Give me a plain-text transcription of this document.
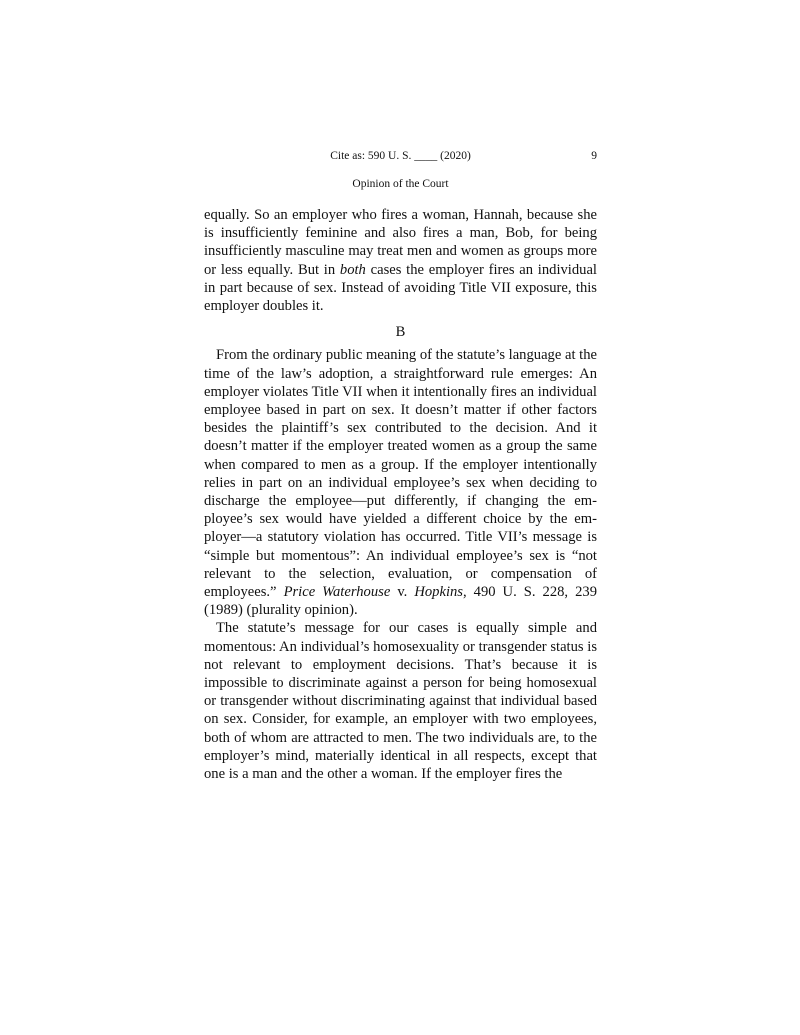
Cite as: 590 U. S. ____ (2020)	9
Opinion of the Court

equally. So an employer who fires a woman, Hannah, because she is insufficiently feminine and also fires a man, Bob, for being insufficiently masculine may treat men and women as groups more or less equally. But in both cases the employer fires an individual in part because of sex. Instead of avoiding Title VII exposure, this employer doubles it.

B

From the ordinary public meaning of the statute’s language at the time of the law’s adoption, a straightforward rule emerges: An employer violates Title VII when it intentionally fires an individual employee based in part on sex. It doesn’t matter if other factors besides the plaintiff’s sex contributed to the decision. And it doesn’t matter if the employer treated women as a group the same when compared to men as a group. If the employer intentionally relies in part on an individual employee’s sex when deciding to discharge the employee—put differently, if changing the employee’s sex would have yielded a different choice by the employer—a statutory violation has occurred. Title VII’s message is “simple but momentous”: An individual employee’s sex is “not relevant to the selection, evaluation, or compensation of employees.” Price Waterhouse v. Hopkins, 490 U. S. 228, 239 (1989) (plurality opinion).

The statute’s message for our cases is equally simple and momentous: An individual’s homosexuality or transgender status is not relevant to employment decisions. That’s because it is impossible to discriminate against a person for being homosexual or transgender without discriminating against that individual based on sex. Consider, for example, an employer with two employees, both of whom are attracted to men. The two individuals are, to the employer’s mind, materially identical in all respects, except that one is a man and the other a woman. If the employer fires the
